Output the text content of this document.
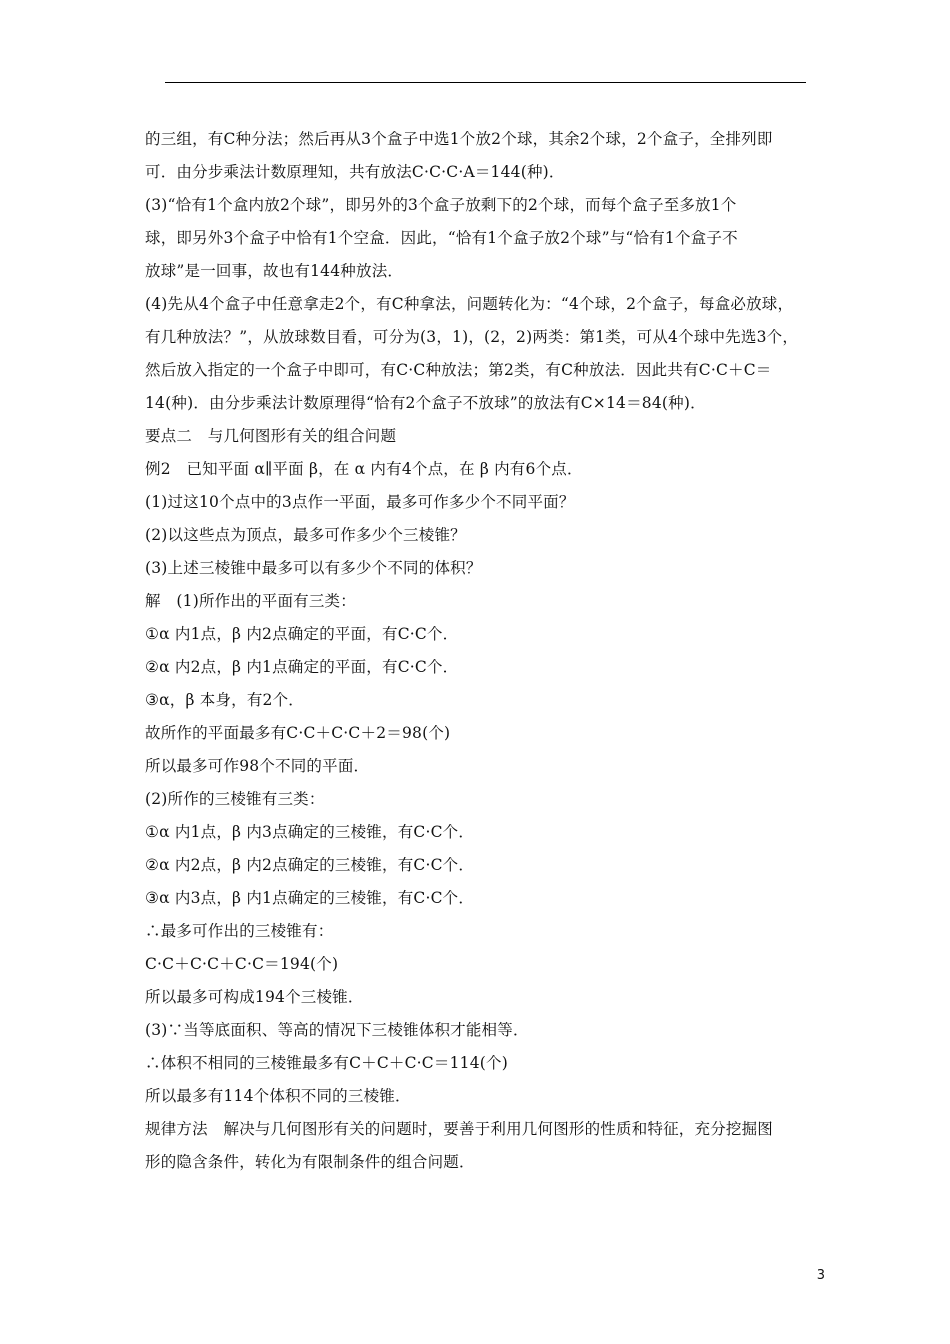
的三组，有C种分法；然后再从3个盒子中选1个放2个球，其余2个球，2个盒子，全排列即
可．由分步乘法计数原理知，共有放法C·C·C·A＝144(种)．
(3)“恰有1个盒内放2个球”，即另外的3个盒子放剩下的2个球，而每个盒子至多放1个
球，即另外3个盒子中恰有1个空盒．因此，“恰有1个盒子放2个球”与“恰有1个盒子不
放球”是一回事，故也有144种放法．
(4)先从4个盒子中任意拿走2个，有C种拿法，问题转化为：“4个球，2个盒子，每盒必放球，
有几种放法？”，从放球数目看，可分为(3，1)，(2，2)两类：第1类，可从4个球中先选3个，
然后放入指定的一个盒子中即可，有C·C种放法；第2类，有C种放法．因此共有C·C＋C＝
14(种)．由分步乘法计数原理得“恰有2个盒子不放球”的放法有C×14＝84(种)．
要点二　与几何图形有关的组合问题
例2　已知平面 α∥平面 β，在 α 内有4个点，在 β 内有6个点．
(1)过这10个点中的3点作一平面，最多可作多少个不同平面？
(2)以这些点为顶点，最多可作多少个三棱锥？
(3)上述三棱锥中最多可以有多少个不同的体积？
解　(1)所作出的平面有三类：
①α 内1点，β 内2点确定的平面，有C·C个．
②α 内2点，β 内1点确定的平面，有C·C个．
③α，β 本身，有2个．
故所作的平面最多有C·C＋C·C＋2＝98(个)
所以最多可作98个不同的平面．
(2)所作的三棱锥有三类：
①α 内1点，β 内3点确定的三棱锥，有C·C个．
②α 内2点，β 内2点确定的三棱锥，有C·C个．
③α 内3点，β 内1点确定的三棱锥，有C·C个．
∴最多可作出的三棱锥有：
C·C＋C·C＋C·C＝194(个)
所以最多可构成194个三棱锥．
(3)∵当等底面积、等高的情况下三棱锥体积才能相等．
∴体积不相同的三棱锥最多有C＋C＋C·C＝114(个)
所以最多有114个体积不同的三棱锥．
规律方法　解决与几何图形有关的问题时，要善于利用几何图形的性质和特征，充分挖掘图
形的隐含条件，转化为有限制条件的组合问题．
3
